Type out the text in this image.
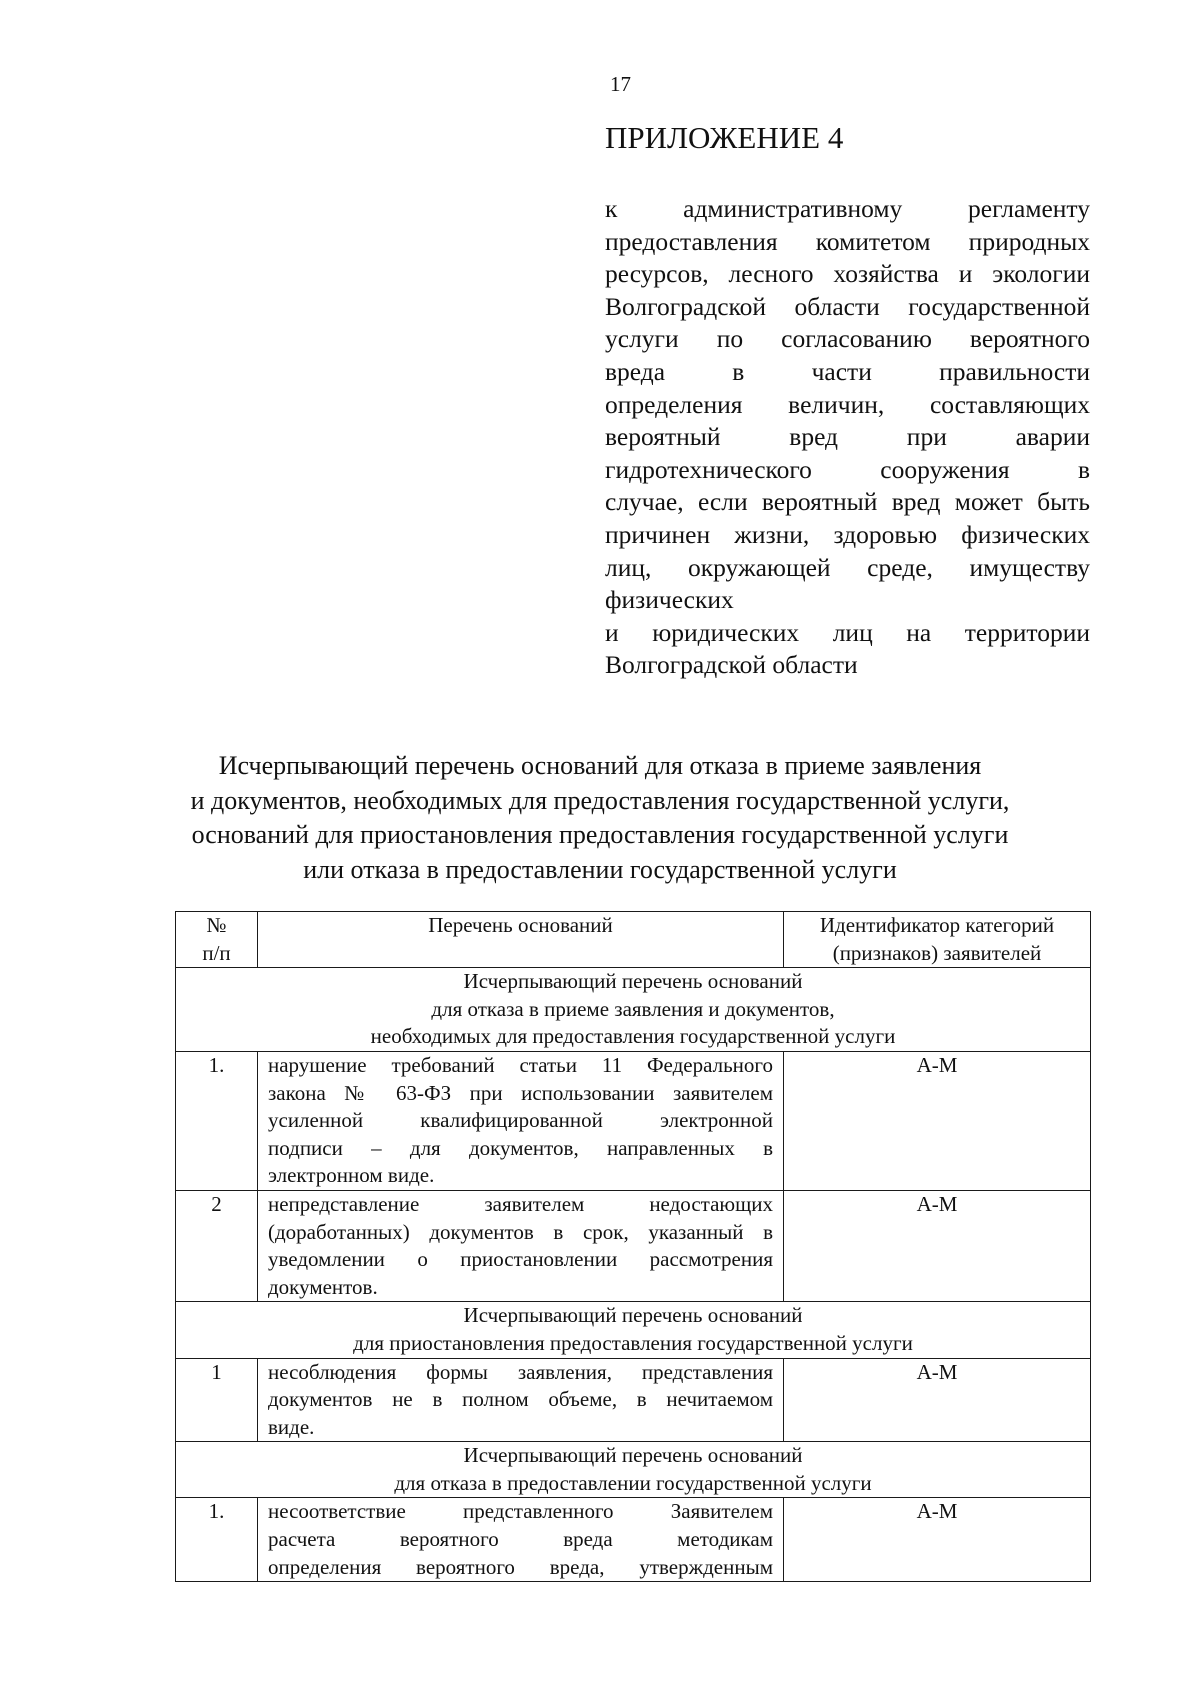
17
ПРИЛОЖЕНИЕ 4
к административному регламенту
предоставления комитетом природных
ресурсов, лесного хозяйства и экологии
Волгоградской области государственной
услуги по согласованию вероятного
вреда в части правильности
определения величин, составляющих
вероятный вред при аварии
гидротехнического сооружения в
случае, если вероятный вред может быть
причинен жизни, здоровью физических
лиц, окружающей среде, имуществу
физических
и юридических лиц на территории
Волгоградской области
Исчерпывающий перечень оснований для отказа в приеме заявления
и документов, необходимых для предоставления государственной услуги,
оснований для приостановления предоставления государственной услуги
или отказа в предоставлении государственной услуги
№
п/п	Перечень оснований	Идентификатор категорий
(признаков) заявителей

Исчерпывающий перечень оснований
для отказа в приеме заявления и документов,
необходимых для предоставления государственной услуги		

1.	нарушение требований статьи 11 Федерального
закона № 63-ФЗ при использовании заявителем
усиленной квалифицированной электронной
подписи – для документов, направленных в
электронном виде.	А-М
2	непредставление заявителем недостающих
(доработанных) документов в срок, указанный в
уведомлении о приостановлении рассмотрения
документов.	А-М

Исчерпывающий перечень оснований
для приостановления предоставления государственной услуги		

1	несоблюдения формы заявления, представления
документов не в полном объеме, в нечитаемом
виде.	А-М

Исчерпывающий перечень оснований
для отказа в предоставлении государственной услуги		

1.	несоответствие представленного Заявителем
расчета вероятного вреда методикам
определения вероятного вреда, утвержденным	А-М
